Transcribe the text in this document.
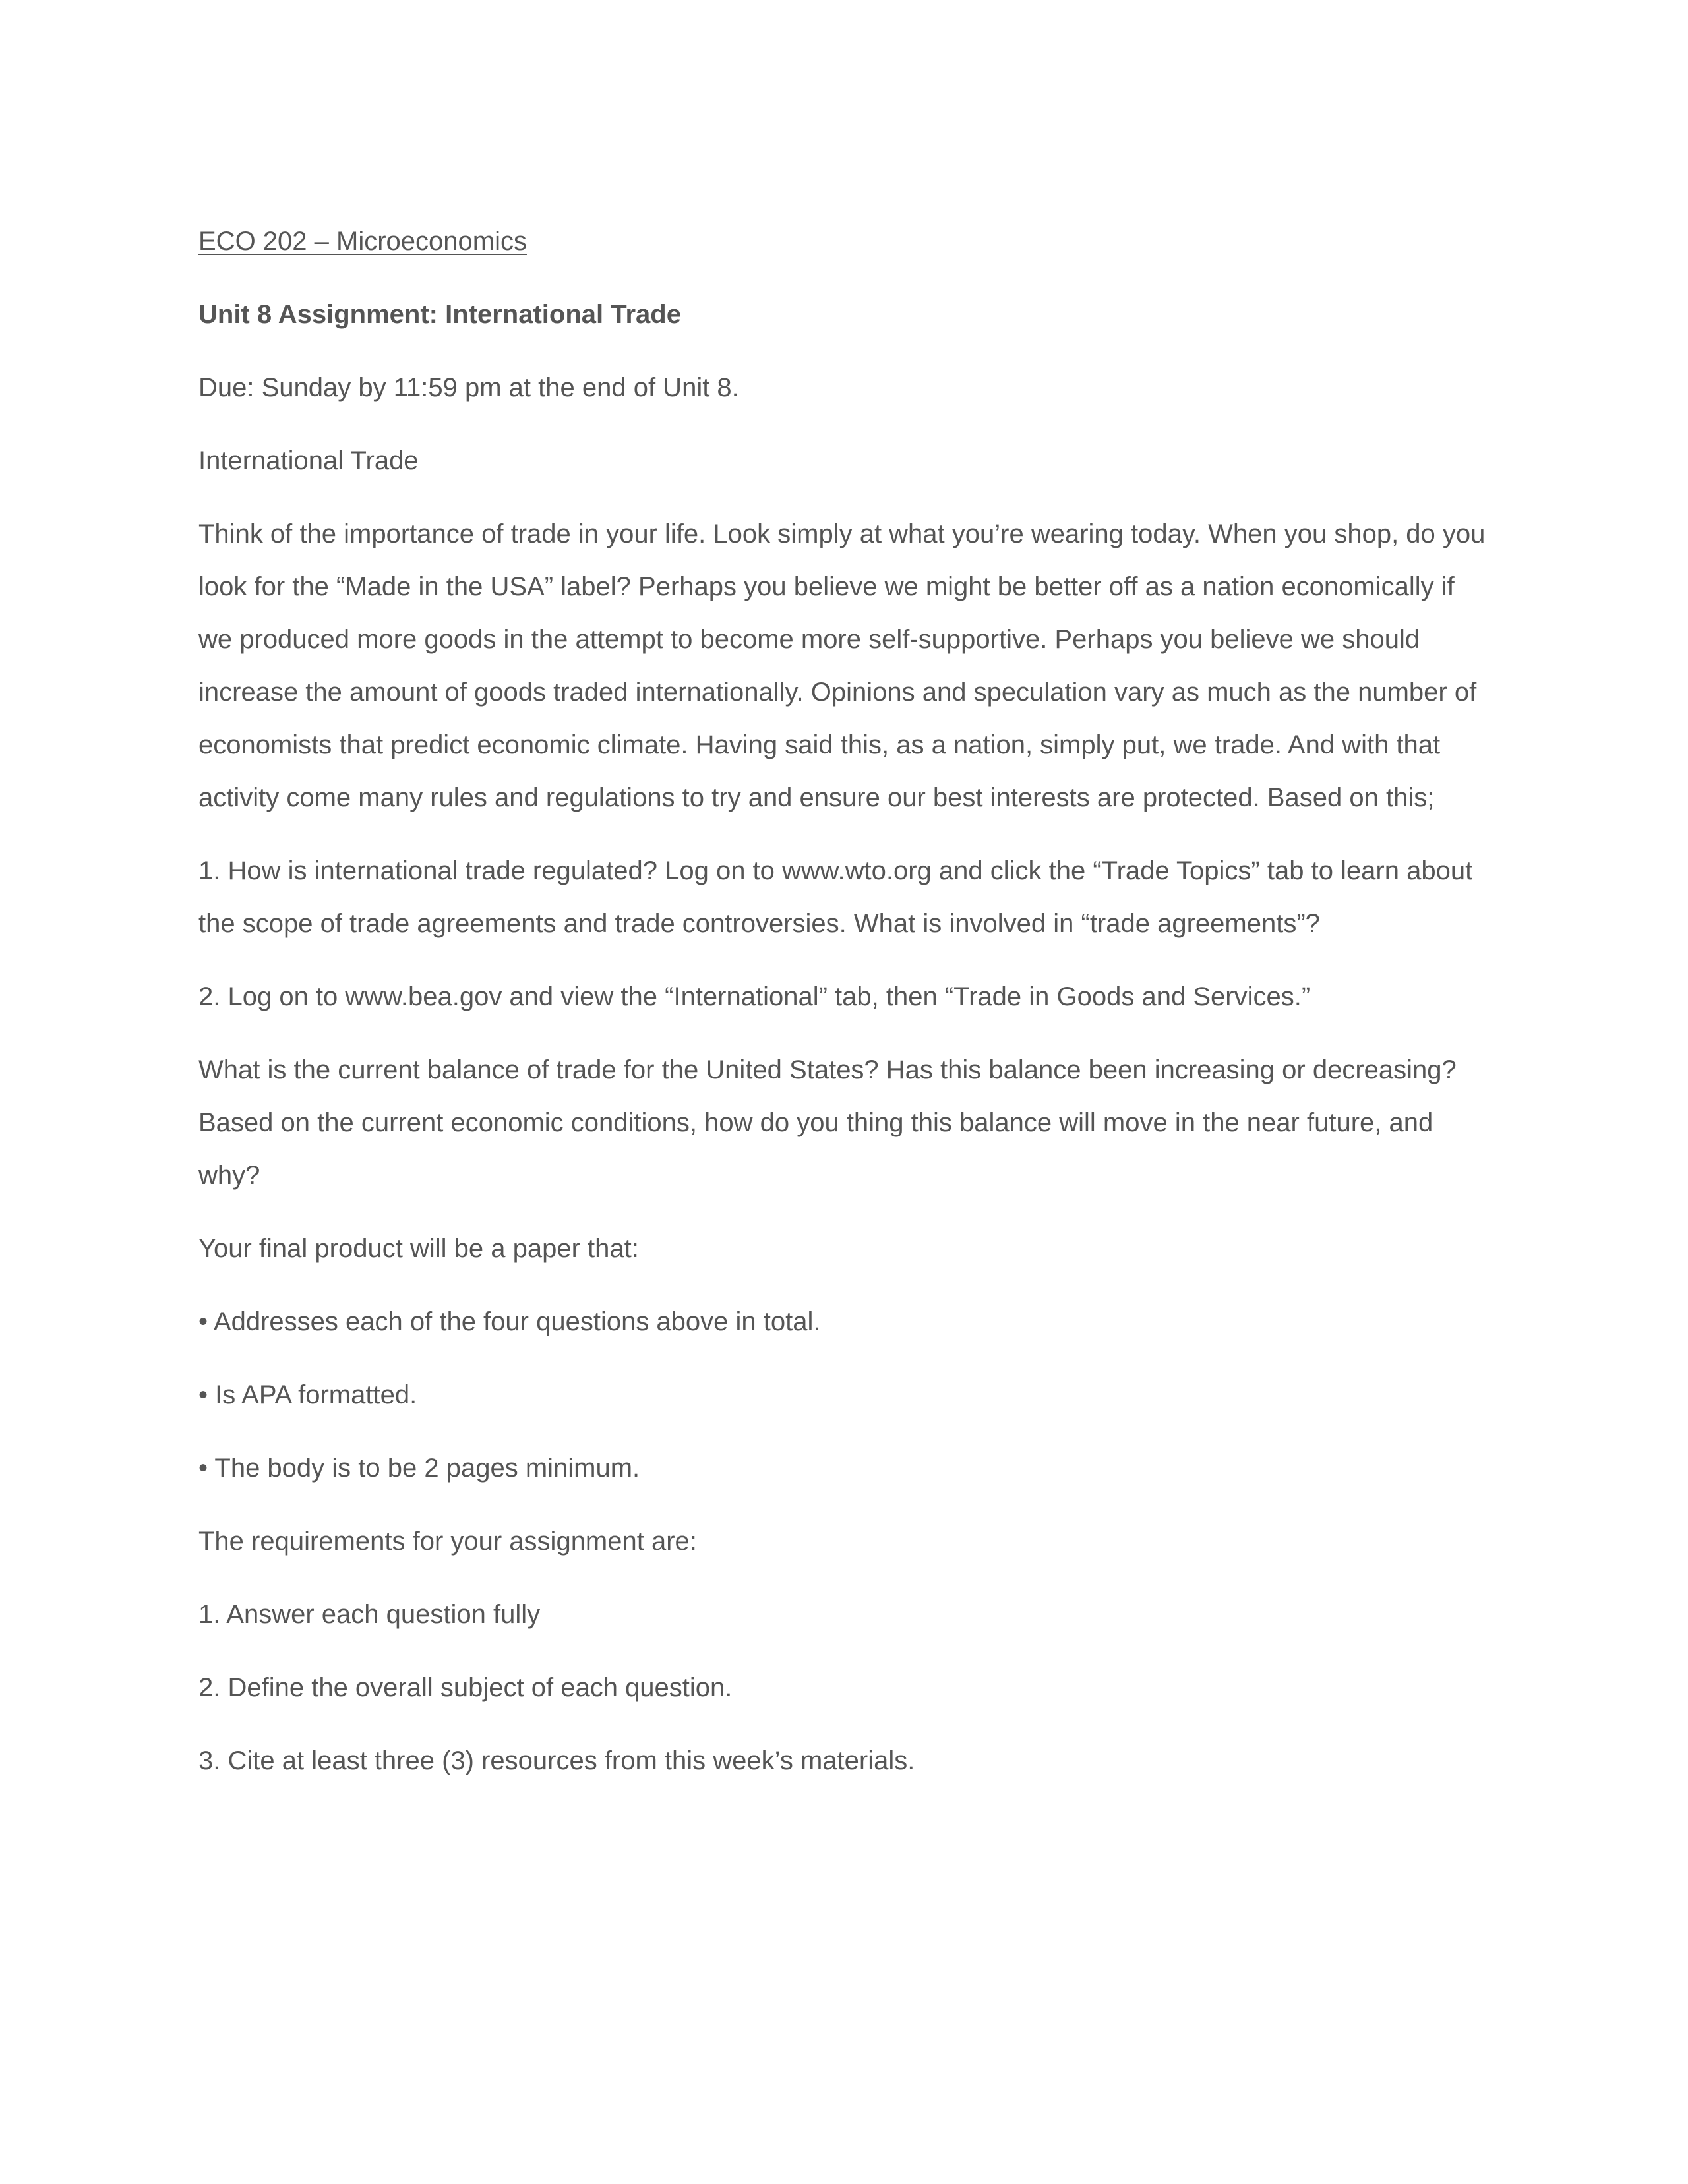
ECO 202 – Microeconomics

Unit 8 Assignment: International Trade

Due: Sunday by 11:59 pm at the end of Unit 8.

International Trade

Think of the importance of trade in your life. Look simply at what you’re wearing today. When you shop, do you look for the “Made in the USA” label? Perhaps you believe we might be better off as a nation economically if we produced more goods in the attempt to become more self-supportive. Perhaps you believe we should increase the amount of goods traded internationally. Opinions and speculation vary as much as the number of economists that predict economic climate. Having said this, as a nation, simply put, we trade. And with that activity come many rules and regulations to try and ensure our best interests are protected. Based on this;

1. How is international trade regulated? Log on to www.wto.org and click the “Trade Topics” tab to learn about the scope of trade agreements and trade controversies. What is involved in “trade agreements”?

2. Log on to www.bea.gov and view the “International” tab, then “Trade in Goods and Services.”

What is the current balance of trade for the United States? Has this balance been increasing or decreasing? Based on the current economic conditions, how do you thing this balance will move in the near future, and why?

Your final product will be a paper that:

• Addresses each of the four questions above in total.

• Is APA formatted.

• The body is to be 2 pages minimum.

The requirements for your assignment are:

1. Answer each question fully

2. Define the overall subject of each question.

3. Cite at least three (3) resources from this week’s materials.
